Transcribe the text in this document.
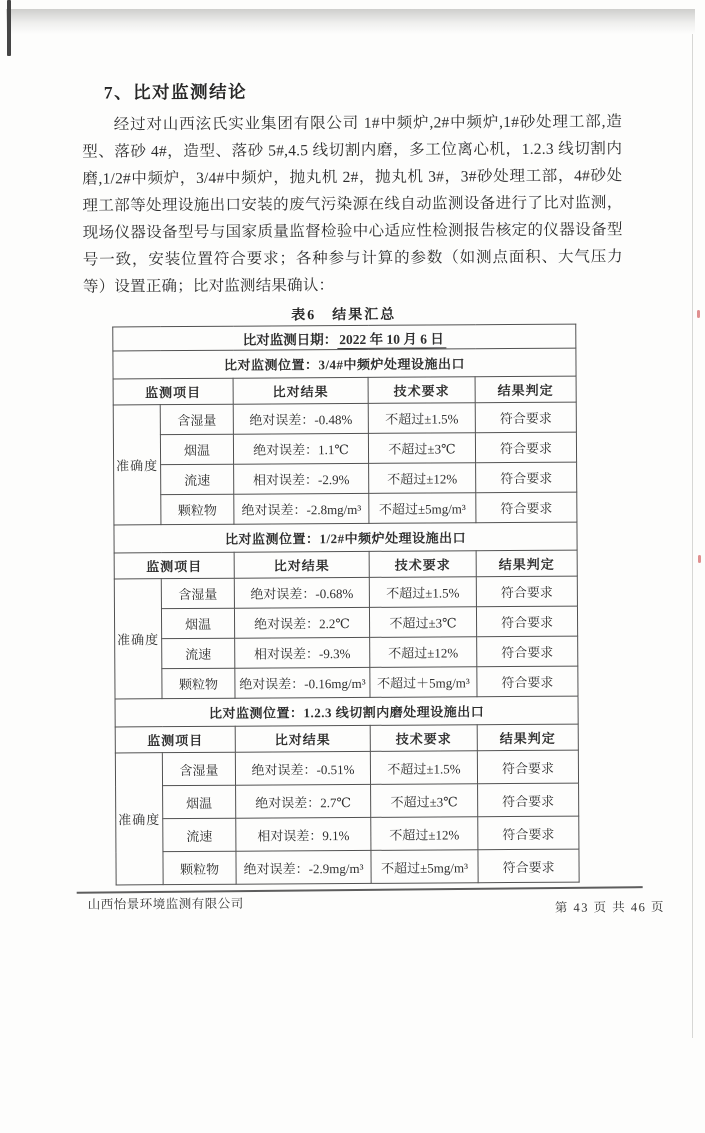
7、比对监测结论

经过对山西泫氏实业集团有限公司 1#中频炉,2#中频炉,1#砂处理工部,造型、落砂 4#，造型、落砂 5#,4.5 线切割内磨，多工位离心机，1.2.3 线切割内磨,1/2#中频炉，3/4#中频炉，抛丸机 2#，抛丸机 3#，3#砂处理工部，4#砂处理工部等处理设施出口安装的废气污染源在线自动监测设备进行了比对监测，现场仪器设备型号与国家质量监督检验中心适应性检测报告核定的仪器设备型号一致，安装位置符合要求；各种参与计算的参数（如测点面积、大气压力等）设置正确；比对监测结果确认：

表6　结果汇总
比对监测日期： 2022 年 10 月 6 日				
比对监测位置：3/4#中频炉处理设施出口				
监测项目		比对结果	技术要求	结果判定
准确度	含湿量	绝对误差：-0.48%	不超过±1.5%	符合要求
	烟温	绝对误差：1.1℃	不超过±3℃	符合要求
	流速	相对误差：-2.9%	不超过±12%	符合要求
	颗粒物	绝对误差：-2.8mg/m³	不超过±5mg/m³	符合要求
比对监测位置：1/2#中频炉处理设施出口				
监测项目		比对结果	技术要求	结果判定
准确度	含湿量	绝对误差：-0.68%	不超过±1.5%	符合要求
	烟温	绝对误差：2.2℃	不超过±3℃	符合要求
	流速	相对误差：-9.3%	不超过±12%	符合要求
	颗粒物	绝对误差：-0.16mg/m³	不超过＋5mg/m³	符合要求
比对监测位置：1.2.3 线切割内磨处理设施出口				
监测项目		比对结果	技术要求	结果判定
准确度	含湿量	绝对误差：-0.51%	不超过±1.5%	符合要求
	烟温	绝对误差：2.7℃	不超过±3℃	符合要求
	流速	相对误差：9.1%	不超过±12%	符合要求
	颗粒物	绝对误差：-2.9mg/m³	不超过±5mg/m³	符合要求
山西怡景环境监测有限公司	第 43 页 共 46 页
